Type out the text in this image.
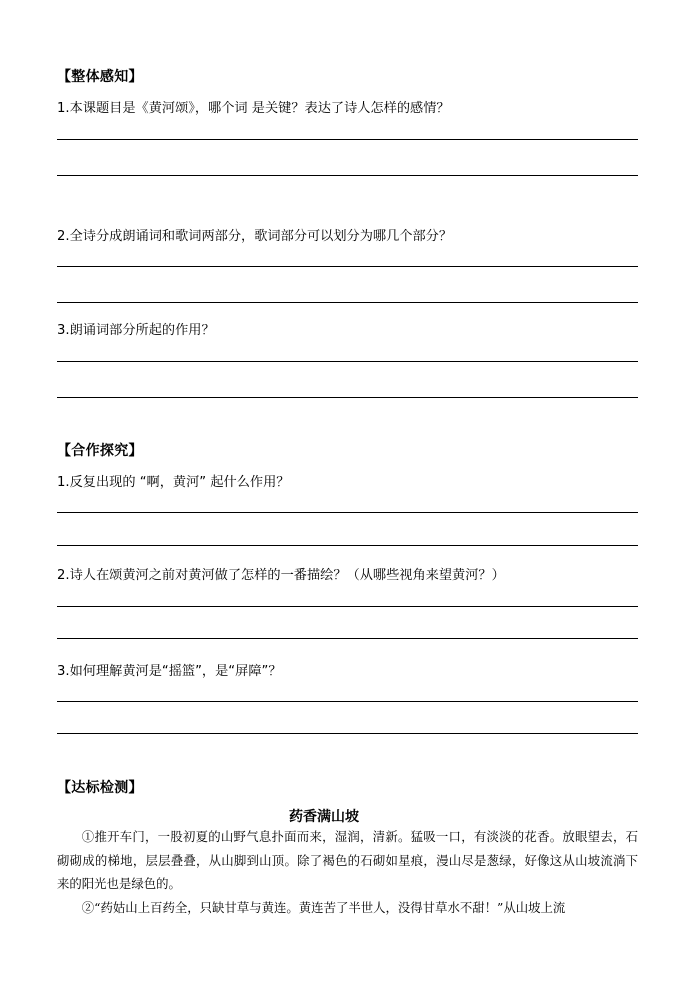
【整体感知】
1.本课题目是《黄河颂》，哪个词 是关键？表达了诗人怎样的感情？
2.全诗分成朗诵词和歌词两部分，歌词部分可以划分为哪几个部分？
3.朗诵词部分所起的作用？
【合作探究】
1.反复出现的 “啊，黄河” 起什么作用？
2.诗人在颂黄河之前对黄河做了怎样的一番描绘？（从哪些视角来望黄河？）
3.如何理解黄河是“摇篮”，是“屏障”？
【达标检测】
药香满山坡
①推开车门，一股初夏的山野气息扑面而来，湿润，清新。猛吸一口，有淡淡的花香。放眼望去，石砌砌成的梯地，层层叠叠，从山脚到山顶。除了褐色的石砌如星痕，漫山尽是葱绿，好像这从山坡流淌下来的阳光也是绿色的。
②“药姑山上百药全，只缺甘草与黄连。黄连苦了半世人，没得甘草水不甜！”从山坡上流
